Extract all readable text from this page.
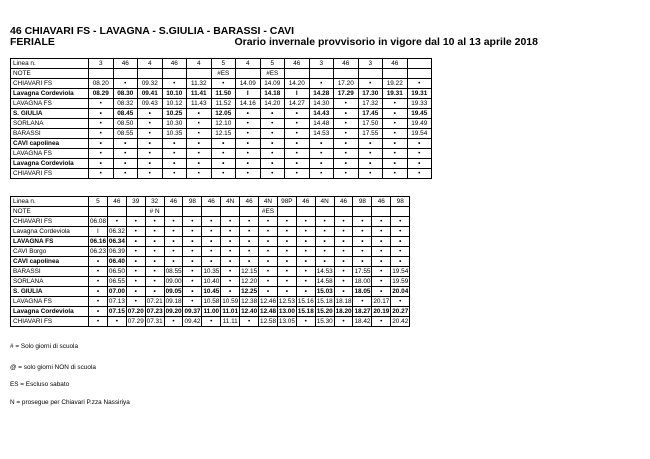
46 CHIAVARI FS - LAVAGNA - S.GIULIA - BARASSI - CAVI
FERIALE	Orario invernale provvisorio in vigore dal 10 al 13 aprile 2018
Linea n.	3	46	4	46	4	5	4	5	46	3	46	3	46	
NOTE						#ES		#ES						
CHIAVARI FS	08.20	•	09.32	•	11.32	•	14.09	14.09	14.20	•	17.20	•	19.22	•
Lavagna Cordeviola	08.29	08.30	09.41	10.10	11.41	11.50	I	14.18	I	14.28	17.29	17.30	19.31	19.31
LAVAGNA FS	•	08.32	09.43	10.12	11.43	11.52	14.16	14.20	14.27	14.30	•	17.32	•	19.33
S. GIULIA	•	08.45	•	10.25	•	12.05	•	•	•	14.43	•	17.45	•	19.45
SORLANA	•	08.50	•	10.30	•	12.10	•	•	•	14.48	•	17.50	•	19.49
BARASSI	•	08.55	•	10.35	•	12.15	•	•	•	14.53	•	17.55	•	19.54
CAVI capolinea	•	•	•	•	•	•	•	•	•	•	•	•	•	•
LAVAGNA FS	•	•	•	•	•	•	•	•	•	•	•	•	•	•
Lavagna Cordeviola	•	•	•	•	•	•	•	•	•	•	•	•	•	•
CHIAVARI FS	•	•	•	•	•	•	•	•	•	•	•	•	•	•
Linea n.	5	46	39	32	46	98	46	4N	46	4N	98P	46	4N	46	98	46	98
NOTE				# N						#ES							
CHIAVARI FS	06.08	•	•	•	•	•	•	•	•	•	•	•	•	•	•	•	•
Lavagna Cordeviola	I	06.32	•	•	•	•	•	•	•	•	•	•	•	•	•	•	•
LAVAGNA FS	06.16	06.34	•	•	•	•	•	•	•	•	•	•	•	•	•	•	•
CAVI Borgo	06.23	06.39	•	•	•	•	•	•	•	•	•	•	•	•	•	•	•
CAVI capolinea	•	06.40	•	•	•	•	•	•	•	•	•	•	•	•	•	•	•
BARASSI	•	06.50	•	•	08.55	•	10.35	•	12.15	•	•	•	14.53	•	17.55	•	19.54
SORLANA	•	06.55	•	•	09.00	•	10.40	•	12.20	•	•	•	14.58	•	18.00	•	19.59
S. GIULIA	•	07.00	•	•	09.05	•	10.45	•	12.25	•	•	•	15.03	•	18.05	•	20.04
LAVAGNA FS	•	07.13	•	07.21	09.18	•	10.58	10.59	12.38	12.46	12.53	15.16	15.18	18.18	•	20.17	•
Lavagna Cordeviola	•	07.15	07.20	07.23	09.20	09.37	11.00	11.01	12.40	12.48	13.00	15.18	15.20	18.20	18.27	20.19	20.27
CHIAVARI FS	•	•	07.29	07.31	•	09.42	•	11.11	•	12.58	13.05	•	15.30	•	18.42	•	20.42
# = Solo giorni di scuola
@ = solo giorni NON di scuola
ES = Escluso sabato
N = prosegue per Chiavari P.zza Nassiriya
